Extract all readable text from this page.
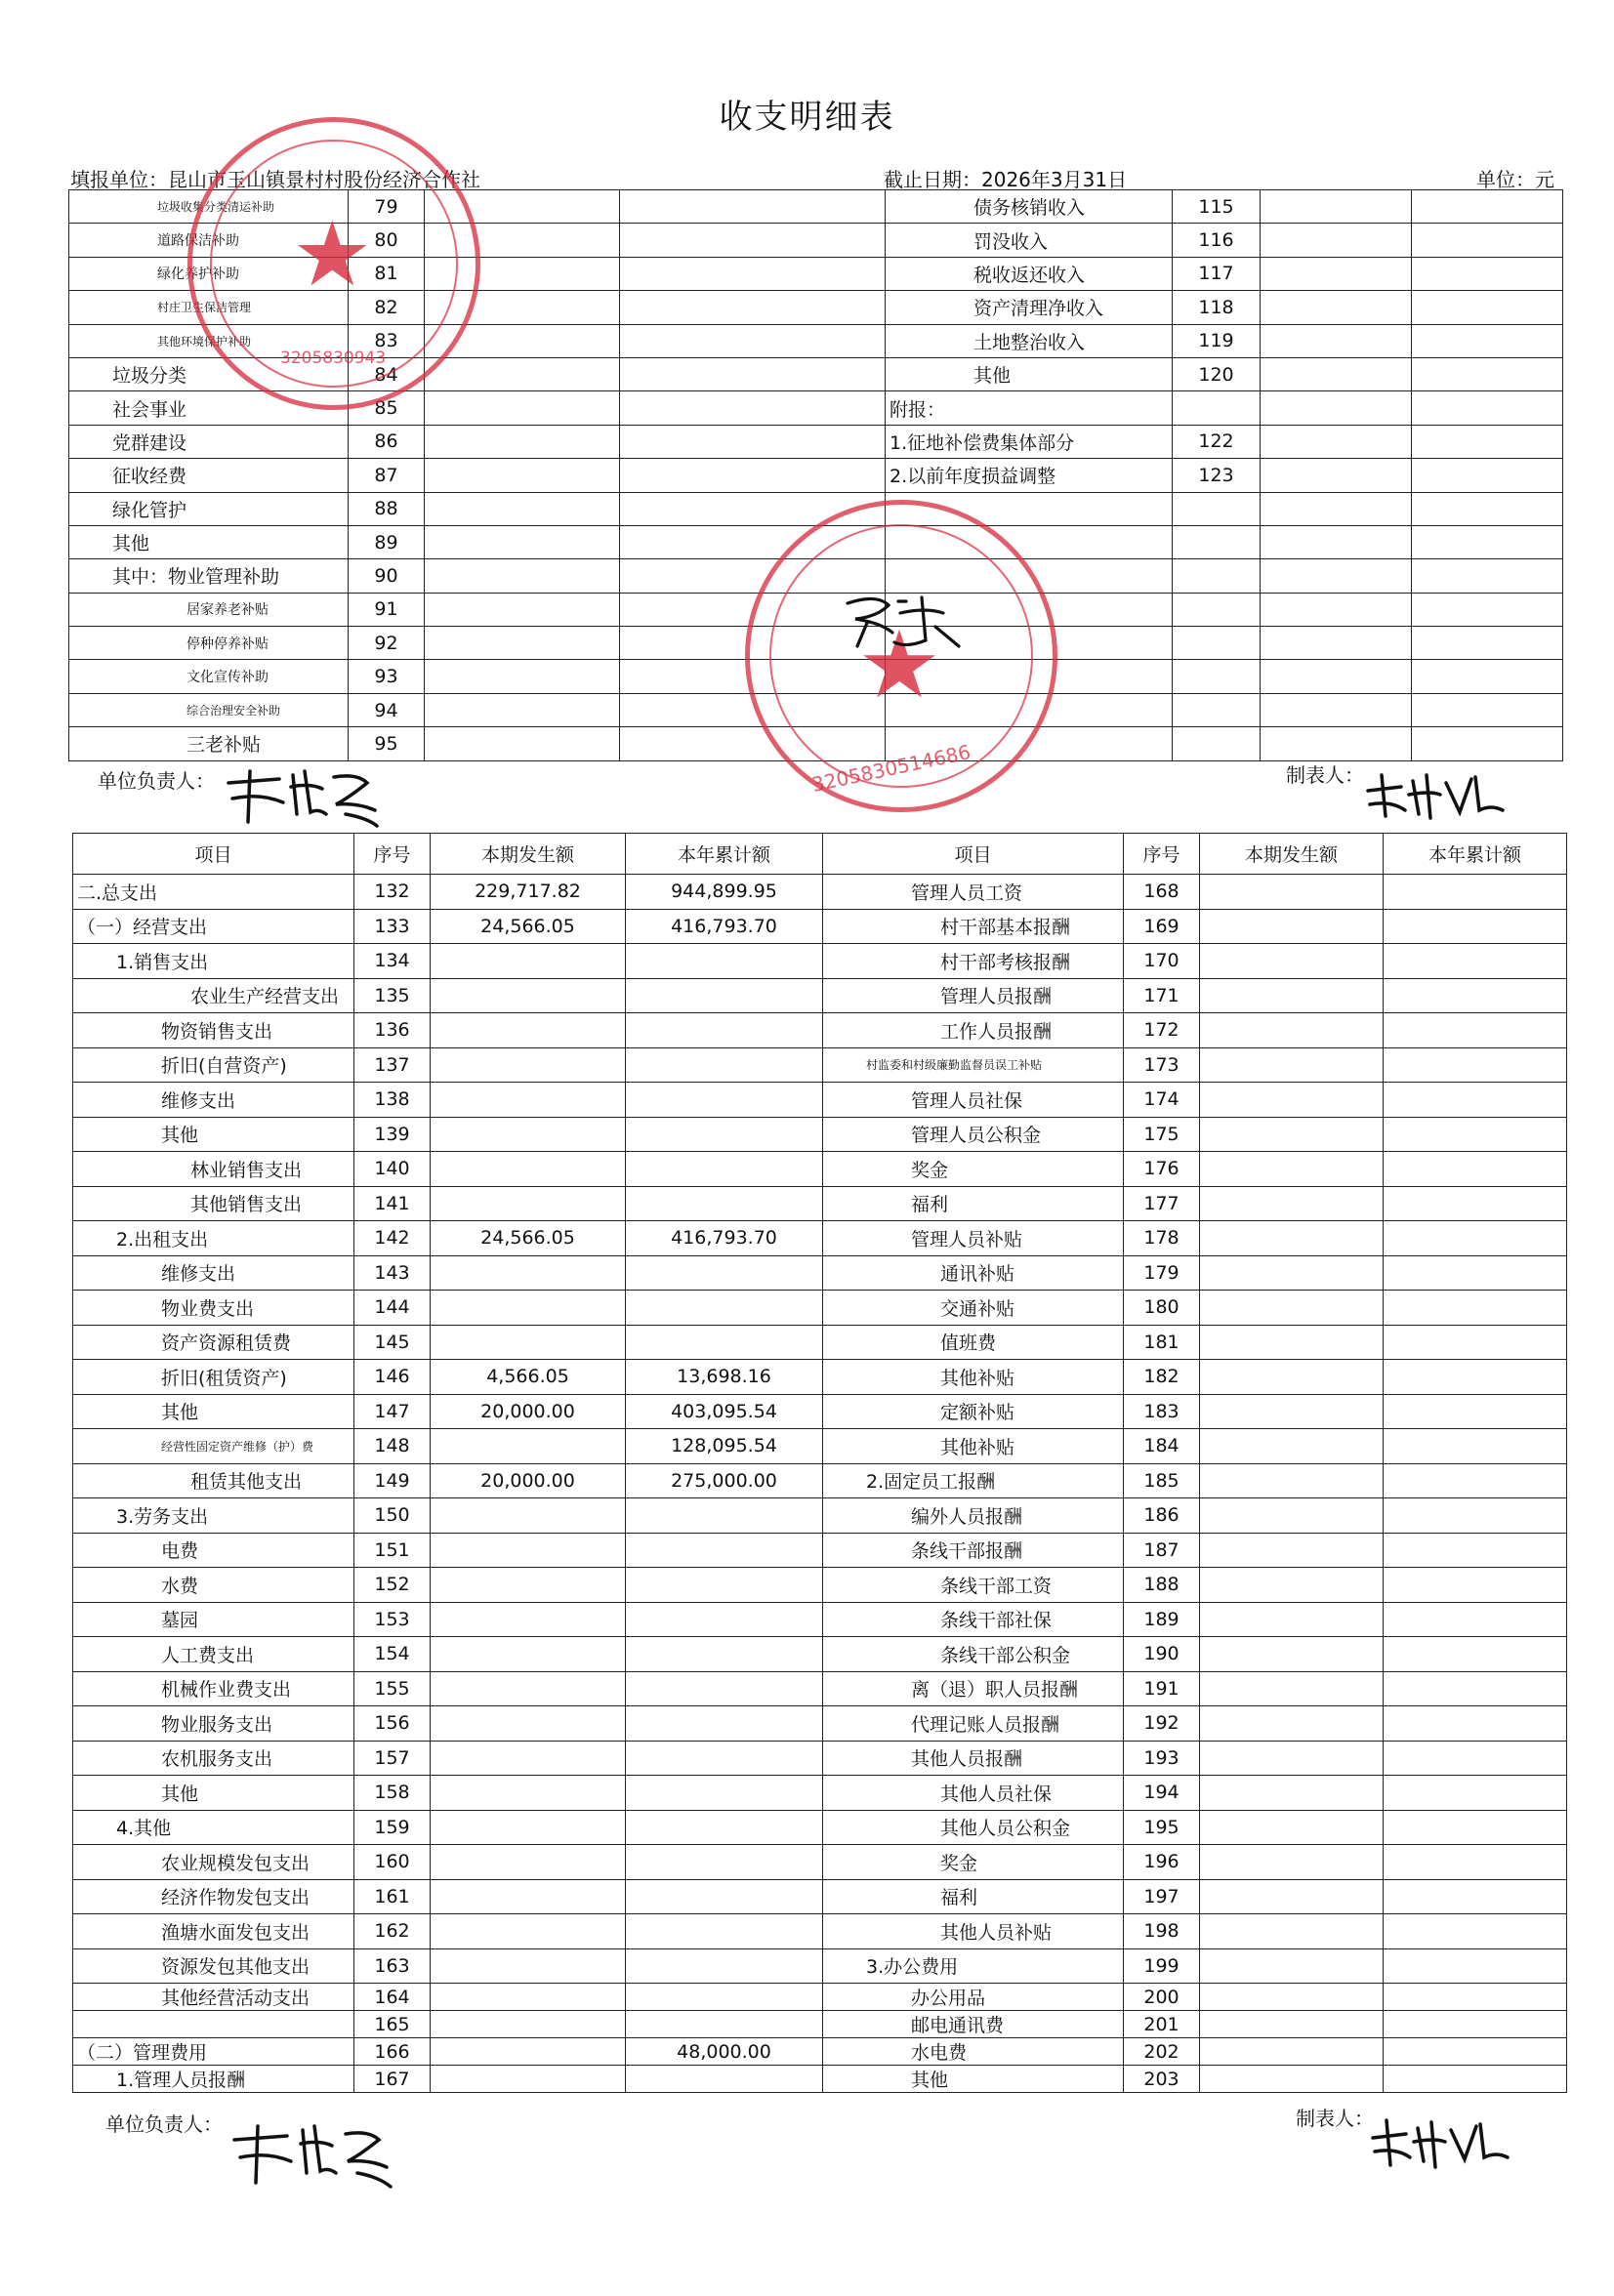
收支明细表
填报单位：昆山市玉山镇景村村股份经济合作社	截止日期：2026年3月31日	单位：元
垃圾收集分类清运补助	79			债务核销收入	115		
道路保洁补助	80			罚没收入	116		
绿化养护补助	81			税收返还收入	117		
村庄卫生保洁管理	82			资产清理净收入	118		
其他环境保护补助	83			土地整治收入	119		
垃圾分类	84			其他	120		
社会事业	85			附报：			
党群建设	86			1.征地补偿费集体部分	122		
征收经费	87			2.以前年度损益调整	123		
绿化管护	88						
其他	89						
其中：物业管理补助	90						
居家养老补贴	91						
停种停养补贴	92						
文化宣传补助	93						
综合治理安全补助	94						
三老补贴	95						
单位负责人：	制表人：
项目	序号	本期发生额	本年累计额	项目	序号	本期发生额	本年累计额
二.总支出	132	229,717.82	944,899.95	管理人员工资	168		
（一）经营支出	133	24,566.05	416,793.70	村干部基本报酬	169		
1.销售支出	134			村干部考核报酬	170		
农业生产经营支出	135			管理人员报酬	171		
物资销售支出	136			工作人员报酬	172		
折旧(自营资产)	137			村监委和村级廉勤监督员误工补贴	173		
维修支出	138			管理人员社保	174		
其他	139			管理人员公积金	175		
林业销售支出	140			奖金	176		
其他销售支出	141			福利	177		
2.出租支出	142	24,566.05	416,793.70	管理人员补贴	178		
维修支出	143			通讯补贴	179		
物业费支出	144			交通补贴	180		
资产资源租赁费	145			值班费	181		
折旧(租赁资产)	146	4,566.05	13,698.16	其他补贴	182		
其他	147	20,000.00	403,095.54	定额补贴	183		
经营性固定资产维修（护）费	148		128,095.54	其他补贴	184		
租赁其他支出	149	20,000.00	275,000.00	2.固定员工报酬	185		
3.劳务支出	150			编外人员报酬	186		
电费	151			条线干部报酬	187		
水费	152			条线干部工资	188		
墓园	153			条线干部社保	189		
人工费支出	154			条线干部公积金	190		
机械作业费支出	155			离（退）职人员报酬	191		
物业服务支出	156			代理记账人员报酬	192		
农机服务支出	157			其他人员报酬	193		
其他	158			其他人员社保	194		
4.其他	159			其他人员公积金	195		
农业规模发包支出	160			奖金	196		
经济作物发包支出	161			福利	197		
渔塘水面发包支出	162			其他人员补贴	198		
资源发包其他支出	163			3.办公费用	199		
其他经营活动支出	164			办公用品	200		
	165			邮电通讯费	201		
（二）管理费用	166		48,000.00	水电费	202		
1.管理人员报酬	167			其他	203		
单位负责人：	制表人：
★
3205830943
★
3205830514686
